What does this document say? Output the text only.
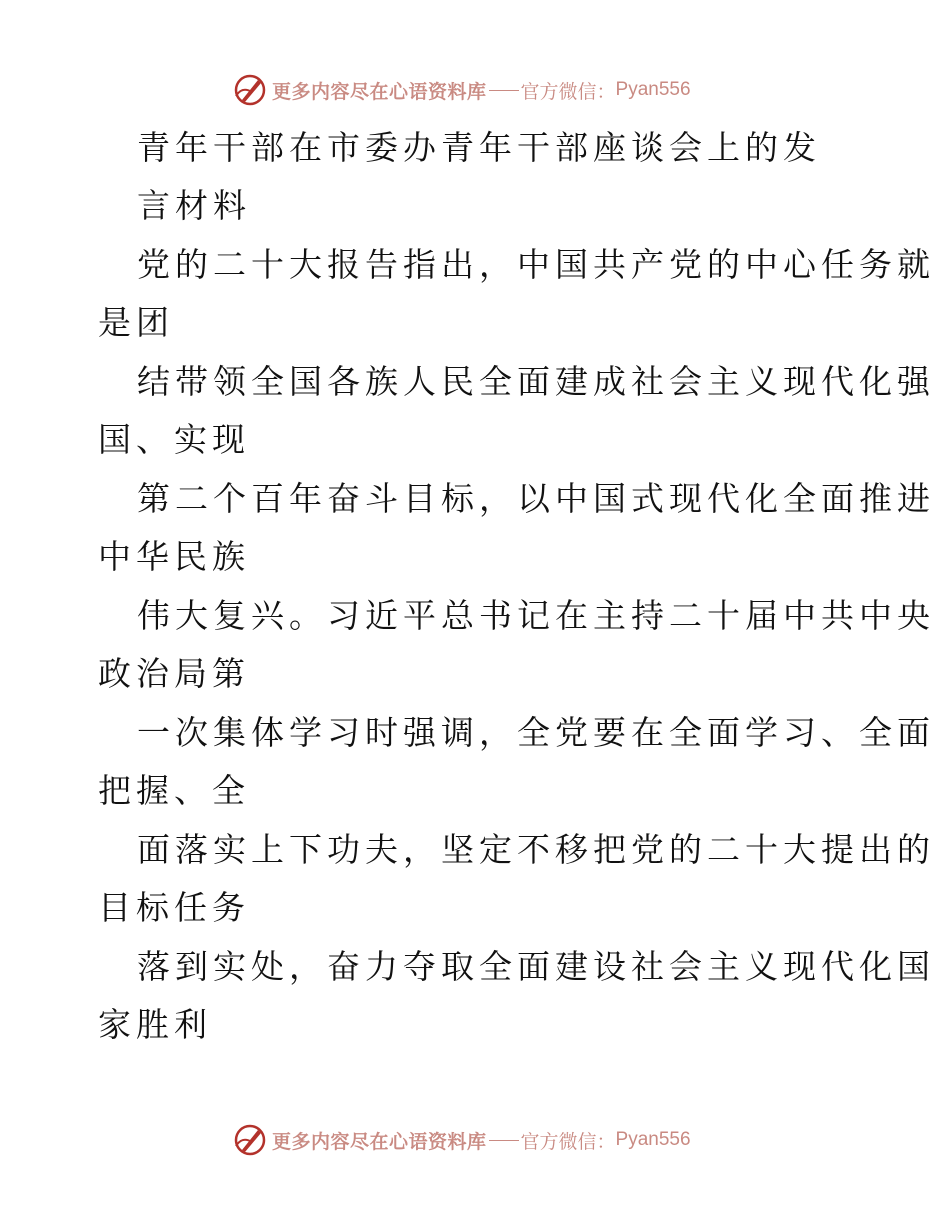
更多内容尽在心语资料库 官方微信： Pyan556
青年干部在市委办青年干部座谈会上的发
言材料
党的二十大报告指出，中国共产党的中心任务就
是团
结带领全国各族人民全面建成社会主义现代化强
国、实现
第二个百年奋斗目标，以中国式现代化全面推进
中华民族
伟大复兴。习近平总书记在主持二十届中共中央
政治局第
一次集体学习时强调，全党要在全面学习、全面
把握、全
面落实上下功夫，坚定不移把党的二十大提出的
目标任务
落到实处，奋力夺取全面建设社会主义现代化国
家胜利
更多内容尽在心语资料库 官方微信： Pyan556
